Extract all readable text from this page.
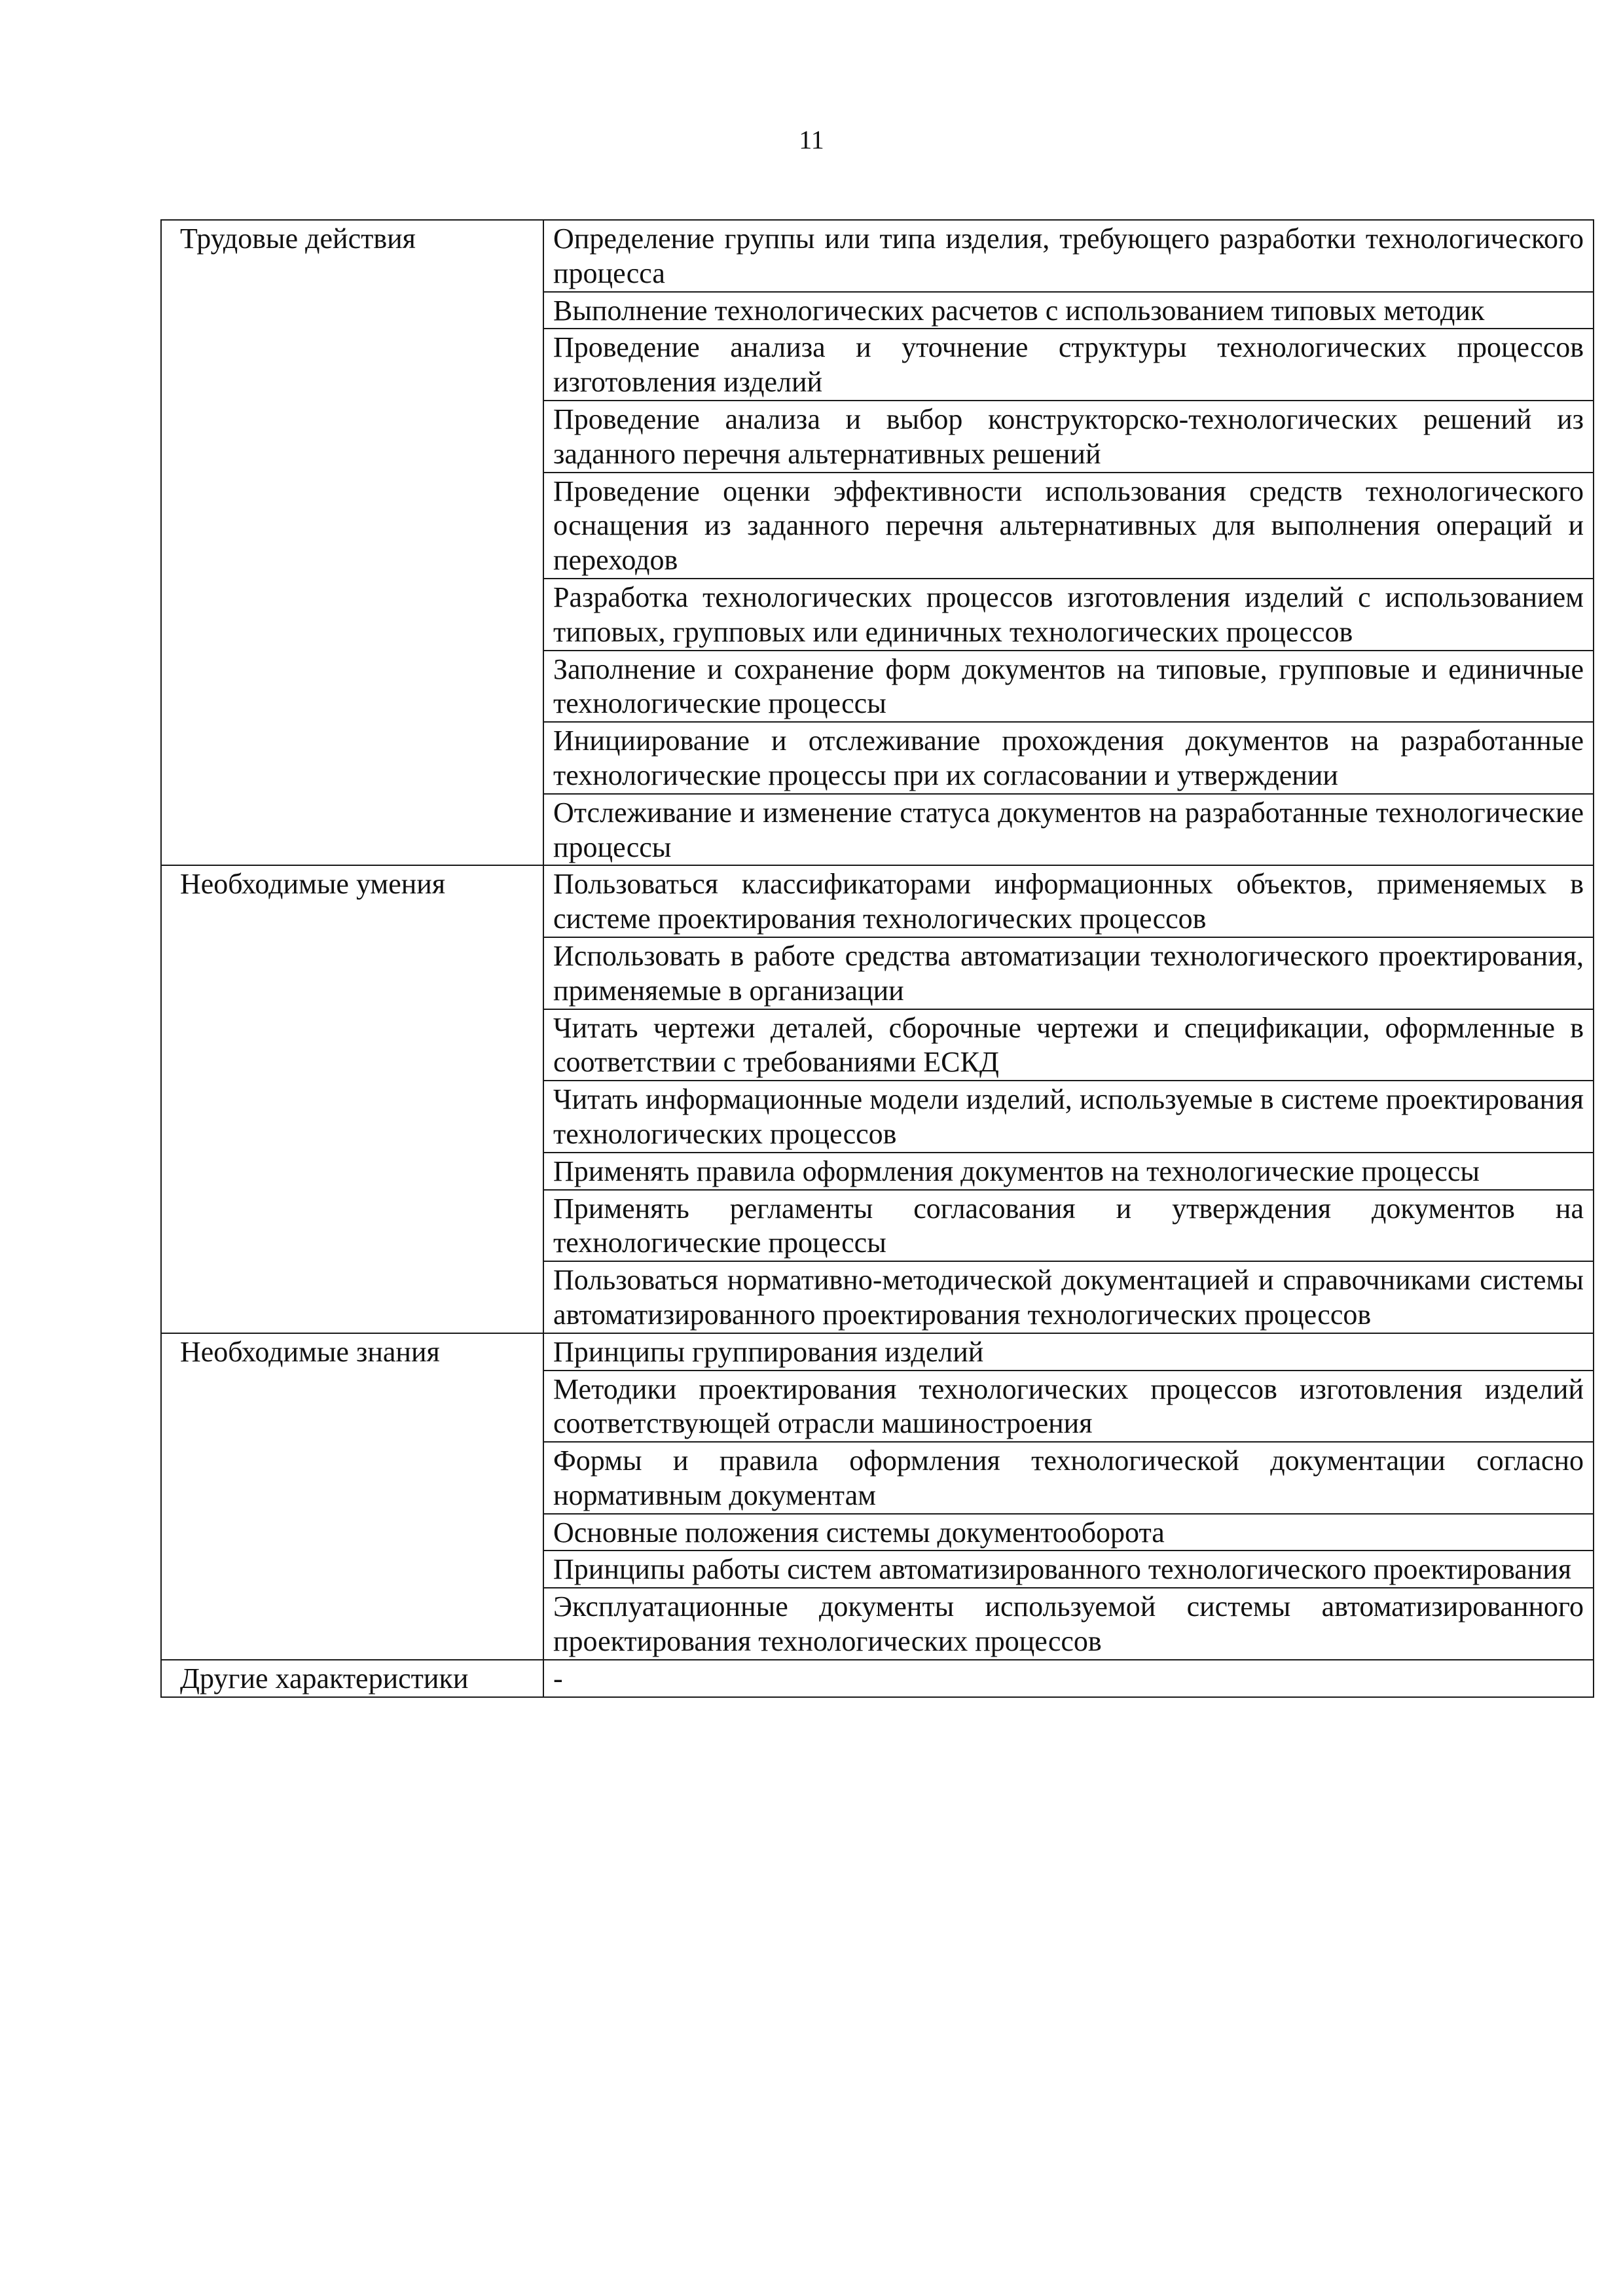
11
Трудовые действия	Определение группы или типа изделия, требующего разработки технологического процесса
	Выполнение технологических расчетов с использованием типовых методик
	Проведение анализа и уточнение структуры технологических процессов изготовления изделий
	Проведение анализа и выбор конструкторско-технологических решений из заданного перечня альтернативных решений
	Проведение оценки эффективности использования средств технологического оснащения из заданного перечня альтернативных для выполнения операций и переходов
	Разработка технологических процессов изготовления изделий с использованием типовых, групповых или единичных технологических процессов
	Заполнение и сохранение форм документов на типовые, групповые и единичные технологические процессы
	Инициирование и отслеживание прохождения документов на разработанные технологические процессы при их согласовании и утверждении
	Отслеживание и изменение статуса документов на разработанные технологические процессы
Необходимые умения	Пользоваться классификаторами информационных объектов, применяемых в системе проектирования технологических процессов
	Использовать в работе средства автоматизации технологического проектирования, применяемые в организации
	Читать чертежи деталей, сборочные чертежи и спецификации, оформленные в соответствии с требованиями ЕСКД
	Читать информационные модели изделий, используемые в системе проектирования технологических процессов
	Применять правила оформления документов на технологические процессы
	Применять регламенты согласования и утверждения документов на технологические процессы
	Пользоваться нормативно-методической документацией и справочниками системы автоматизированного проектирования технологических процессов
Необходимые знания	Принципы группирования изделий
	Методики проектирования технологических процессов изготовления изделий соответствующей отрасли машиностроения
	Формы и правила оформления технологической документации согласно нормативным документам
	Основные положения системы документооборота
	Принципы работы систем автоматизированного технологического проектирования
	Эксплуатационные документы используемой системы автоматизированного проектирования технологических процессов
Другие характеристики	-
